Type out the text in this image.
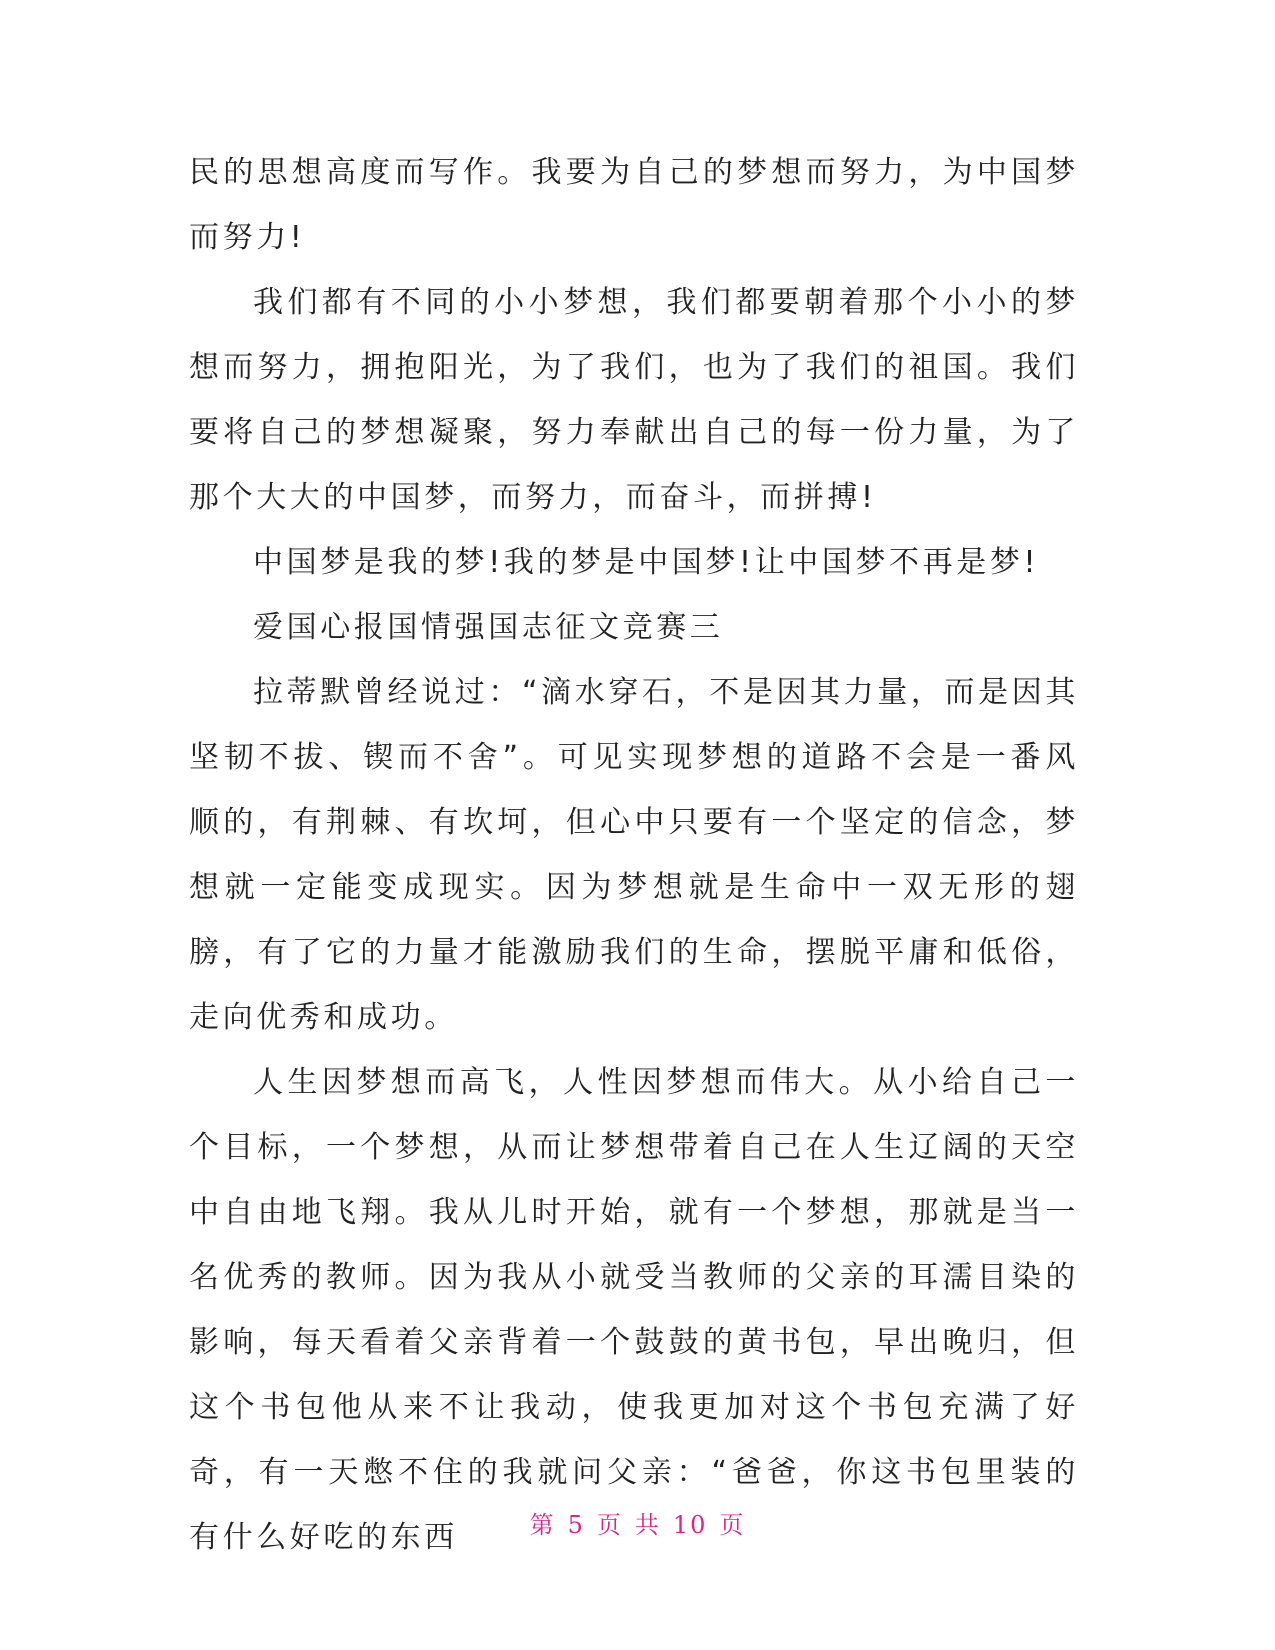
民的思想高度而写作。我要为自己的梦想而努力，为中国梦而努力!

我们都有不同的小小梦想，我们都要朝着那个小小的梦想而努力，拥抱阳光，为了我们，也为了我们的祖国。我们要将自己的梦想凝聚，努力奉献出自己的每一份力量，为了那个大大的中国梦，而努力，而奋斗，而拼搏!

中国梦是我的梦!我的梦是中国梦!让中国梦不再是梦!

爱国心报国情强国志征文竞赛三

拉蒂默曾经说过：“滴水穿石，不是因其力量，而是因其坚韧不拔、锲而不舍”。可见实现梦想的道路不会是一番风顺的，有荆棘、有坎坷，但心中只要有一个坚定的信念，梦想就一定能变成现实。因为梦想就是生命中一双无形的翅膀，有了它的力量才能激励我们的生命，摆脱平庸和低俗，走向优秀和成功。

人生因梦想而高飞，人性因梦想而伟大。从小给自己一个目标，一个梦想，从而让梦想带着自己在人生辽阔的天空中自由地飞翔。我从儿时开始，就有一个梦想，那就是当一名优秀的教师。因为我从小就受当教师的父亲的耳濡目染的影响，每天看着父亲背着一个鼓鼓的黄书包，早出晚归，但这个书包他从来不让我动，使我更加对这个书包充满了好奇，有一天憋不住的我就问父亲：“爸爸，你这书包里装的有什么好吃的东西	第 5 页 共 10 页
